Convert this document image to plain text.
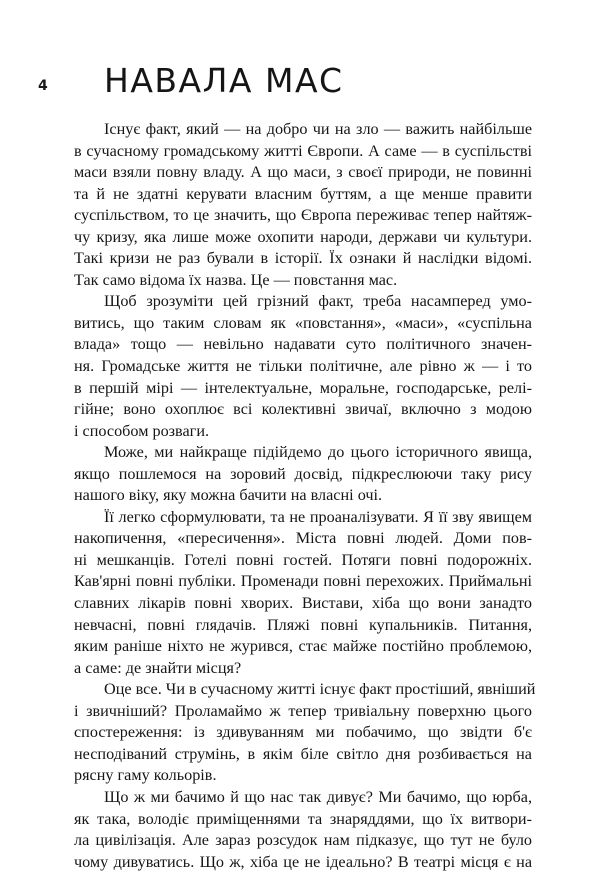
4 НАВАЛА МАС
Існує факт, який — на добро чи на зло — важить найбільше
в сучасному громадському житті Європи. А саме — в суспільстві
маси взяли повну владу. А що маси, з своєї природи, не повинні
та й не здатні керувати власним буттям, а ще менше правити
суспільством, то це значить, що Європа переживає тепер найтяж-
чу кризу, яка лише може охопити народи, держави чи культури.
Такі кризи не раз бували в історії. Їх ознаки й наслідки відомі.
Так само відома їх назва. Це — повстання мас.
Щоб зрозуміти цей грізний факт, треба насамперед умо-
витись, що таким словам як «повстання», «маси», «суспільна
влада» тощо — невільно надавати суто політичного значен-
ня. Громадське життя не тільки політичне, але рівно ж — і то
в першій мірі — інтелектуальне, моральне, господарське, релі-
гійне; воно охоплює всі колективні звичаї, включно з модою
і способом розваги.
Може, ми найкраще підійдемо до цього історичного явища,
якщо пошлемося на зоровий досвід, підкреслюючи таку рису
нашого віку, яку можна бачити на власні очі.
Її легко сформулювати, та не проаналізувати. Я її зву явищем
накопичення, «пересичення». Міста повні людей. Доми пов-
ні мешканців. Готелі повні гостей. Потяги повні подорожніх.
Кав'ярні повні публіки. Променади повні перехожих. Приймальні
славних лікарів повні хворих. Вистави, хіба що вони занадто
невчасні, повні глядачів. Пляжі повні купальників. Питання,
яким раніше ніхто не журився, стає майже постійно проблемою,
а саме: де знайти місця?
Оце все. Чи в сучасному житті існує факт простіший, явніший
і звичніший? Проламаймо ж тепер тривіальну поверхню цього
спостереження: із здивуванням ми побачимо, що звідти б'є
несподіваний струмінь, в якім біле світло дня розбивається на
рясну гаму кольорів.
Що ж ми бачимо й що нас так дивує? Ми бачимо, що юрба,
як така, володіє приміщеннями та знаряддями, що їх витвори-
ла цивілізація. Але зараз розсудок нам підказує, що тут не було
чому дивуватись. Що ж, хіба це не ідеально? В театрі місця є на
